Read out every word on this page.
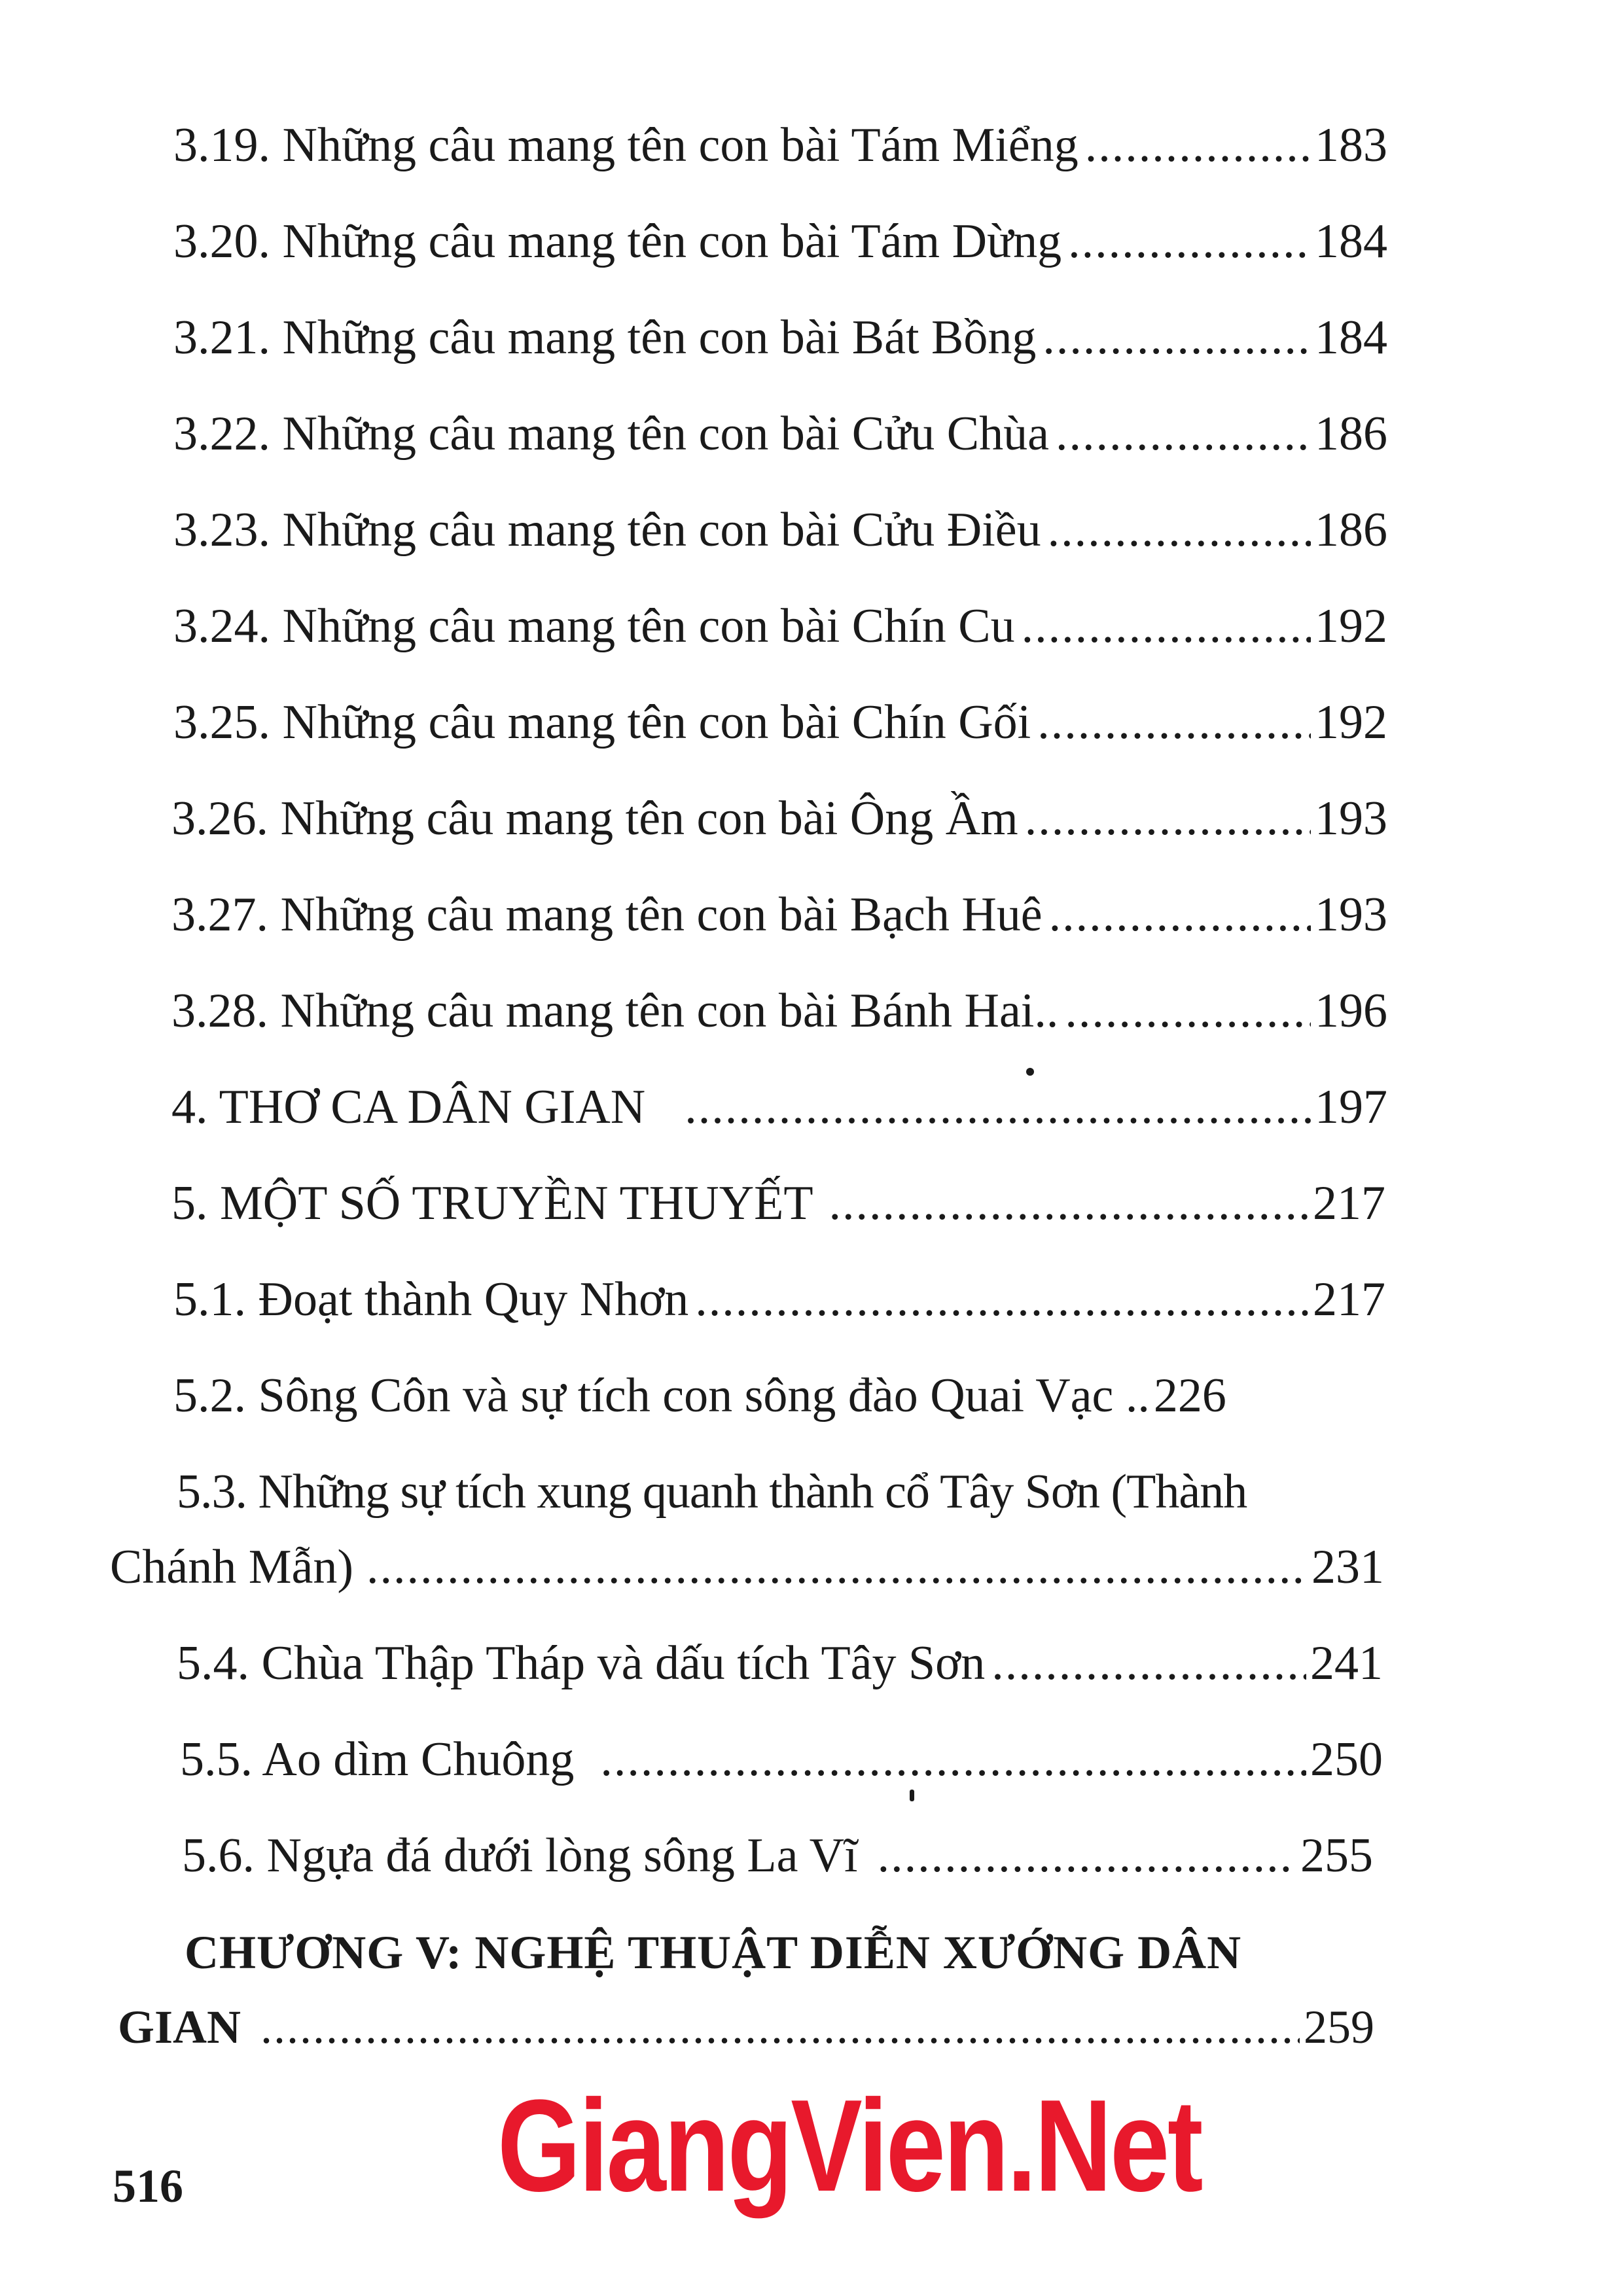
3.19. Những câu mang tên con bài Tám Miểng .....	183
3.20. Những câu mang tên con bài Tám Dừng .....	184
3.21. Những câu mang tên con bài Bát Bồng .....	184
3.22. Những câu mang tên con bài Cửu Chùa .....	186
3.23. Những câu mang tên con bài Cửu Điều .....	186
3.24. Những câu mang tên con bài Chín Cu .....	192
3.25. Những câu mang tên con bài Chín Gối .....	192
3.26. Những câu mang tên con bài Ông Ầm .....	193
3.27. Những câu mang tên con bài Bạch Huê .....	193
3.28. Những câu mang tên con bài Bánh Hai.. .....	196
4. THƠ CA DÂN GIAN .....	197
5. MỘT SỐ TRUYỀN THUYẾT .....	217
5.1. Đoạt thành Quy Nhơn .....	217
5.2. Sông Côn và sự tích con sông đào Quai Vạc .. 226
5.3. Những sự tích xung quanh thành cổ Tây Sơn (Thành
Chánh Mẫn) .....	231
5.4. Chùa Thập Tháp và dấu tích Tây Sơn .....	241
5.5. Ao dìm Chuông .....	250
5.6. Ngựa đá dưới lòng sông La Vĩ .....	255
CHƯƠNG V: NGHỆ THUẬT DIỄN XƯỚNG DÂN
GIAN .....	259
516 GiangVien.Net
